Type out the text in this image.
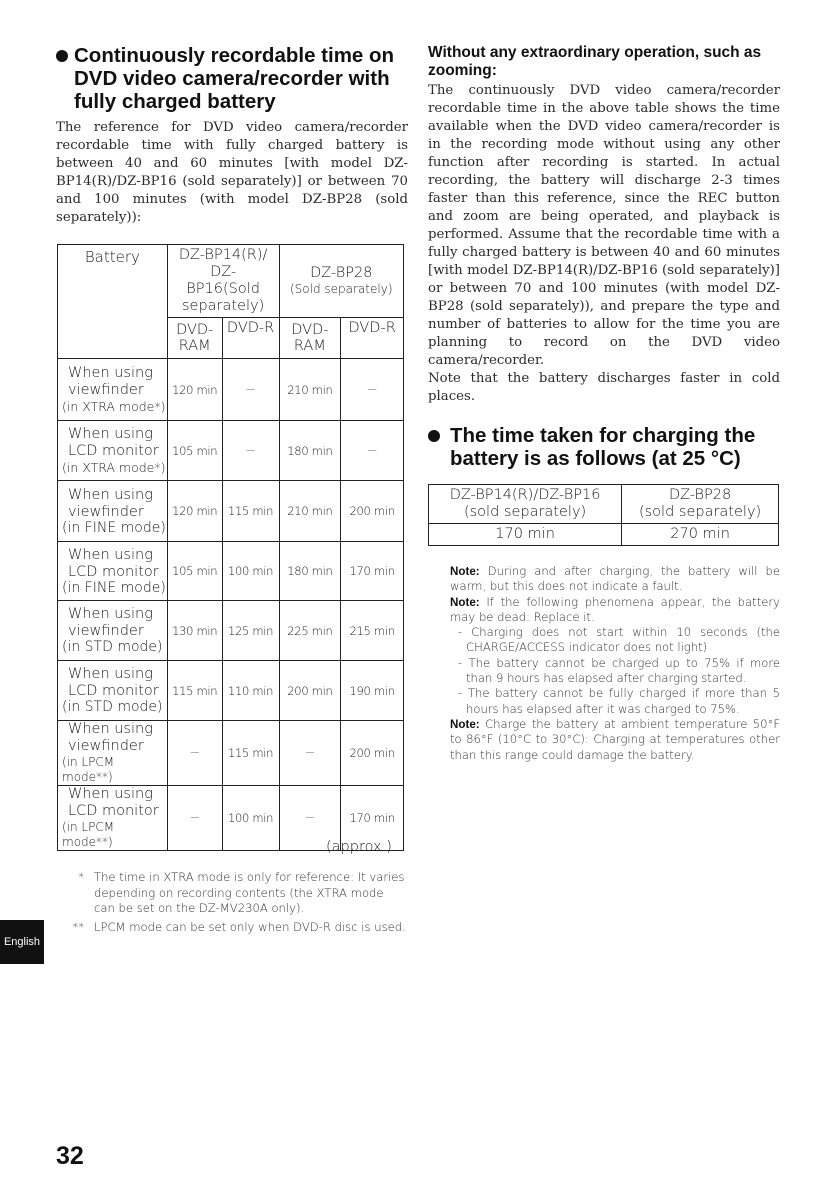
Continuously recordable time on DVD video camera/recorder with fully charged battery

The reference for DVD video camera/recorder recordable time with fully charged battery is between 40 and 60 minutes [with model DZ-BP14(R)/DZ-BP16 (sold separately)] or between 70 and 100 minutes (with model DZ-BP28 (sold separately)):

Battery	DZ-BP14(R)/ DZ-BP16(Sold separately)		DZ-BP28
(Sold separately)	

	DVD-RAM	DVD-R	DVD-RAM	DVD-R

When using
viewfinder
(in XTRA mode*)	120 min	—	210 min	—

When using
LCD monitor
(in XTRA mode*)	105 min	—	180 min	—

When using
viewfinder
(in FINE mode)	120 min	115 min	210 min	200 min

When using
LCD monitor
(in FINE mode)	105 min	100 min	180 min	170 min

When using
viewfinder
(in STD mode)	130 min	125 min	225 min	215 min

When using
LCD monitor
(in STD mode)	115 min	110 min	200 min	190 min

When using
viewfinder
(in LPCM mode**)	—	115 min	—	200 min

When using
LCD monitor
(in LPCM mode**)	—	100 min	—	170 min
(approx.)
* The time in XTRA mode is only for reference: It varies depending on recording contents (the XTRA mode can be set on the DZ-MV230A only).
** LPCM mode can be set only when DVD-R disc is used.
Without any extraordinary operation, such as zooming:

The continuously DVD video camera/recorder recordable time in the above table shows the time available when the DVD video camera/recorder is in the recording mode without using any other function after recording is started. In actual recording, the battery will discharge 2-3 times faster than this reference, since the REC button and zoom are being operated, and playback is performed. Assume that the recordable time with a fully charged battery is between 40 and 60 minutes [with model DZ-BP14(R)/DZ-BP16 (sold separately)] or between 70 and 100 minutes (with model DZ-BP28 (sold separately)), and prepare the type and number of batteries to allow for the time you are planning to record on the DVD video camera/recorder.

Note that the battery discharges faster in cold places.

The time taken for charging the battery is as follows (at 25 °C)
DZ-BP14(R)/DZ-BP16
(sold separately)	DZ-BP28
(sold separately)

170 min	270 min

Note: During and after charging, the battery will be warm, but this does not indicate a fault.

Note: If the following phenomena appear, the battery may be dead: Replace it.

- Charging does not start within 10 seconds (the CHARGE/ACCESS indicator does not light)

- The battery cannot be charged up to 75% if more than 9 hours has elapsed after charging started.

- The battery cannot be fully charged if more than 5 hours has elapsed after it was charged to 75%.

Note: Charge the battery at ambient temperature 50°F to 86°F (10°C to 30°C): Charging at temperatures other than this range could damage the battery.

English
32
